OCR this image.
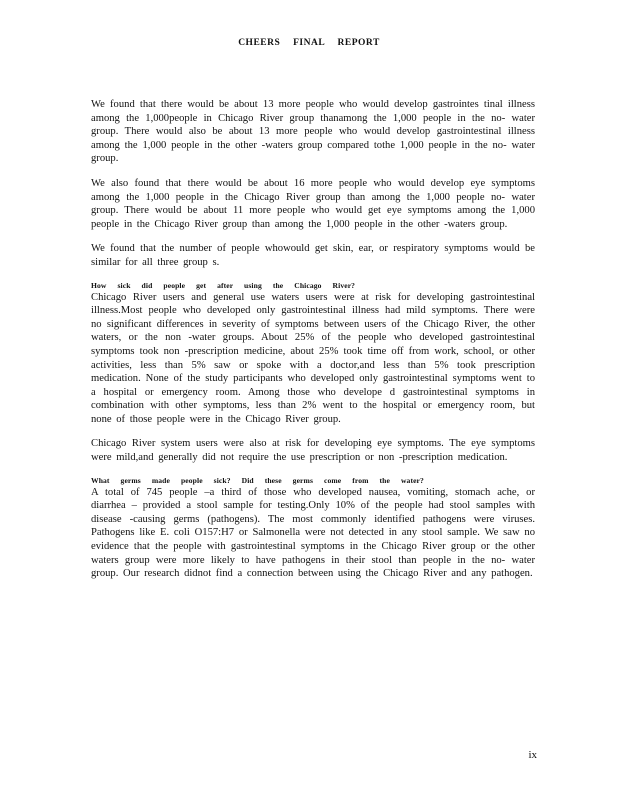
CHEERS FINAL REPORT

We found that there would be about 13 more people who would develop gastrointes tinal illness among the 1,000people in Chicago River group thanamong the 1,000 people in the no- water group. There would also be about 13 more people who would develop gastrointestinal illness among the 1,000 people in the other -waters group compared tothe 1,000 people in the no- water group.

We also found that there would be about 16 more people who would develop eye symptoms among the 1,000 people in the Chicago River group than among the 1,000 people no- water group. There would be about 11 more people who would get eye symptoms among the 1,000 people in the Chicago River group than among the 1,000 people in the other -waters group.

We found that the number of people whowould get skin, ear, or respiratory symptoms would be similar for all three group s.

How sick did people get after using the Chicago River?

Chicago River users and general use waters users were at risk for developing gastrointestinal illness.Most people who developed only gastrointestinal illness had mild symptoms. There were no significant differences in severity of symptoms between users of the Chicago River, the other waters, or the non -water groups. About 25% of the people who developed gastrointestinal symptoms took non -prescription medicine, about 25% took time off from work, school, or other activities, less than 5% saw or spoke with a doctor,and less than 5% took prescription medication. None of the study participants who developed only gastrointestinal symptoms went to a hospital or emergency room. Among those who develope d gastrointestinal symptoms in combination with other symptoms, less than 2% went to the hospital or emergency room, but none of those people were in the Chicago River group.

Chicago River system users were also at risk for developing eye symptoms. The eye symptoms were mild,and generally did not require the use prescription or non -prescription medication.

What germs made people sick? Did these germs come from the water?

A total of 745 people –a third of those who developed nausea, vomiting, stomach ache, or diarrhea – provided a stool sample for testing.Only 10% of the people had stool samples with disease -causing germs (pathogens). The most commonly identified pathogens were viruses. Pathogens like E. coli O157:H7 or Salmonella were not detected in any stool sample. We saw no evidence that the people with gastrointestinal symptoms in the Chicago River group or the other waters group were more likely to have pathogens in their stool than people in the no- water group. Our research didnot find a connection between using the Chicago River and any pathogen.

ix
